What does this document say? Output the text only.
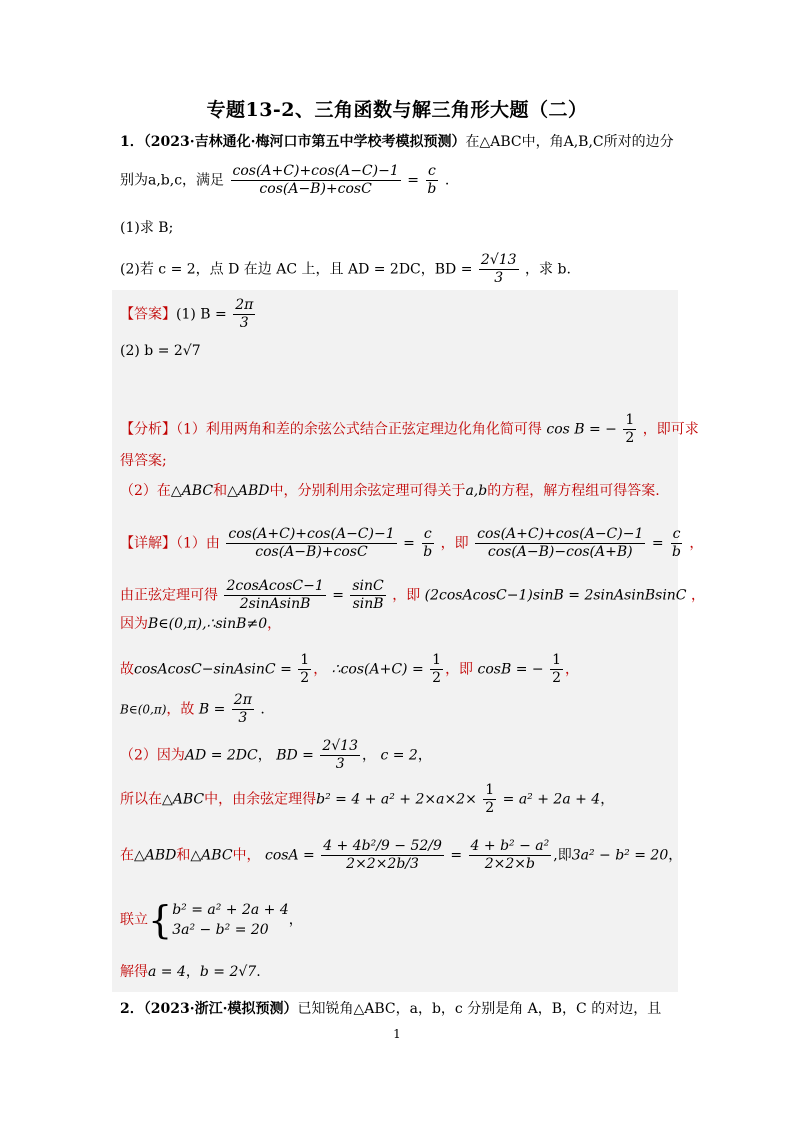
专题13-2、三角函数与解三角形大题（二）
1．（2023·吉林通化·梅河口市第五中学校考模拟预测）在△ABC中，角A,B,C所对的边分
别为a,b,c，满足 $\frac{\cos(A+C)+\cos(A-C)-1}{\cos(A-B)+\cos C} = \frac{c}{b}$ .
(1)求 B;
(2)若 c = 2，点 D 在边 AC 上，且 AD = 2DC，BD = $\frac{2√13}{3}$ ，求 b.
【答案】(1) $B = \frac{2\pi}{3}$
(2) b = 2√7
【分析】（1）利用两角和差的余弦公式结合正弦定理边化角化简可得 cos B = − $\frac{1}{2}$ ，即可求
得答案;
（2）在△ABC和△ABD中，分别利用余弦定理可得关于a,b的方程，解方程组可得答案.
【详解】（1）由 $\frac{\cos(A+C)+\cos(A-C)-1}{\cos(A-B)+\cos C} = \frac{c}{b}$ ，即 $\frac{\cos(A+C)+\cos(A-C)-1}{\cos(A-B)-\cos(A+B)} = \frac{c}{b}$ ，
由正弦定理可得 $\frac{\text{2cosAcosC−1}}{\text{2sinAsinB}} = \frac{\sin C}{\sin B}$ ，即 (2cosAcosC−1)sinB = 2sinAsinBsinC ，
因为B∈(0,π),∴sinB≠0，
故cosAcosC−sinAsinC = $\frac{1}{2}$ ， ∴cos(A+C) = $\frac{1}{2}$ ，即 cosB = − $\frac{1}{2}$ ，
B∈(0,π)，故 $B = \frac{2\pi}{3}$ .
（2）因为AD = 2DC， BD = $\frac{2√13}{3}$ ， c = 2，
所以在△ABC中，由余弦定理得$b^2 = 4 + a^2 + 2\times a\times 2\times \frac{1}{2} = a^2 + 2a + 4$，
在△ABD和△ABC中， $\cos A = \frac{\text{4 + 4b²/9 − 52/9}}{2\times 2\times 2b/3} = \frac{\text{4 + b² − a²}}{2\times 2\times b}$ ,即3a² − b² = 20，
联立{ b² = a² + 2a + 4
3a² − b² = 20
，
解得a = 4，b = 2√7.
2．（2023·浙江·模拟预测）已知锐角△ABC，a，b，c 分别是角 A，B，C 的对边，且
1
